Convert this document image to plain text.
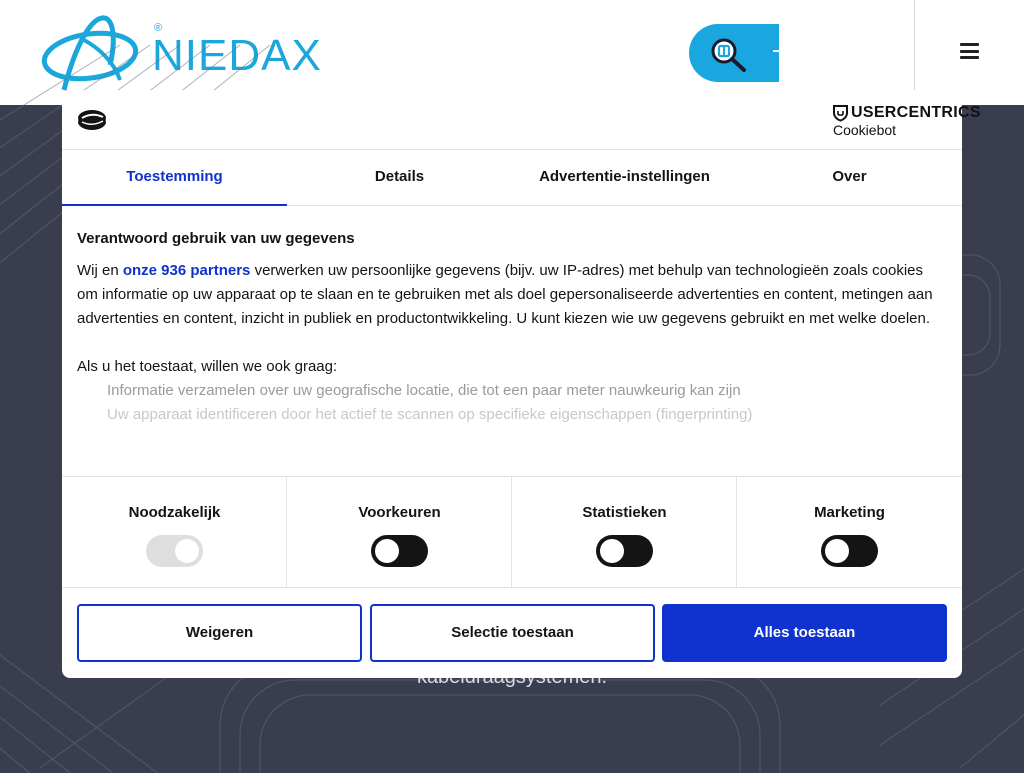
®
NIEDAX
USERCENTRICS
Cookiebot
Toestemming	Details	Advertentie-instellingen	Over
Verantwoord gebruik van uw gegevens

Wij en onze 936 partners verwerken uw persoonlijke gegevens (bijv. uw IP-adres) met behulp van technologieën zoals cookies om informatie op uw apparaat op te slaan en te gebruiken met als doel gepersonaliseerde advertenties en content, metingen aan advertenties en content, inzicht in publiek en productontwikkeling. U kunt kiezen wie uw gegevens gebruikt en met welke doelen.

Als u het toestaat, willen we ook graag:

Informatie verzamelen over uw geografische locatie, die tot een paar meter nauwkeurig kan zijn
Uw apparaat identificeren door het actief te scannen op specifieke eigenschappen (fingerprinting)
Noodzakelijk	Voorkeuren	Statistieken	Marketing
Weigeren	Selectie toestaan	Alles toestaan
